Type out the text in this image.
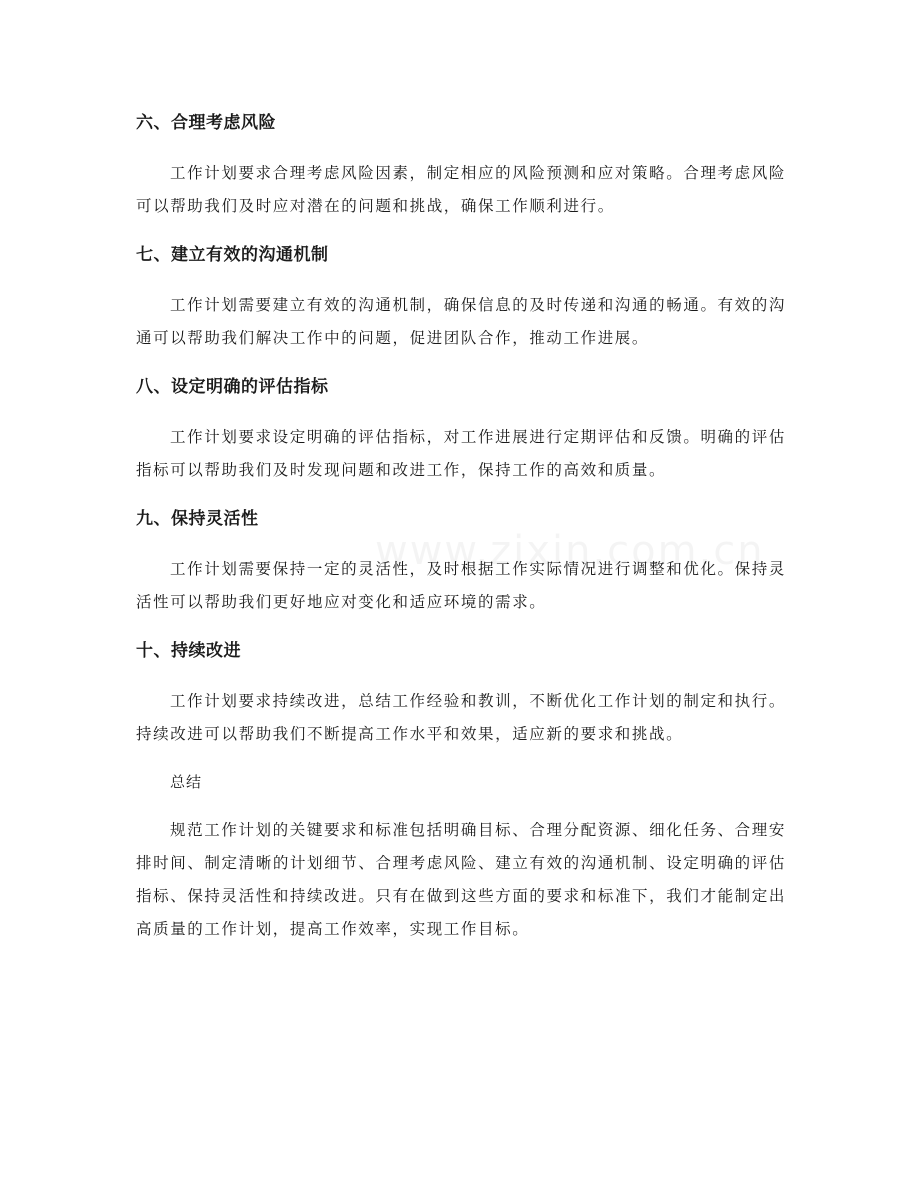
六、合理考虑风险

工作计划要求合理考虑风险因素，制定相应的风险预测和应对策略。合理考虑风险可以帮助我们及时应对潜在的问题和挑战，确保工作顺利进行。

七、建立有效的沟通机制

工作计划需要建立有效的沟通机制，确保信息的及时传递和沟通的畅通。有效的沟通可以帮助我们解决工作中的问题，促进团队合作，推动工作进展。

八、设定明确的评估指标

工作计划要求设定明确的评估指标，对工作进展进行定期评估和反馈。明确的评估指标可以帮助我们及时发现问题和改进工作，保持工作的高效和质量。

九、保持灵活性

工作计划需要保持一定的灵活性，及时根据工作实际情况进行调整和优化。保持灵活性可以帮助我们更好地应对变化和适应环境的需求。

十、持续改进

工作计划要求持续改进，总结工作经验和教训，不断优化工作计划的制定和执行。持续改进可以帮助我们不断提高工作水平和效果，适应新的要求和挑战。

总结

规范工作计划的关键要求和标准包括明确目标、合理分配资源、细化任务、合理安排时间、制定清晰的计划细节、合理考虑风险、建立有效的沟通机制、设定明确的评估指标、保持灵活性和持续改进。只有在做到这些方面的要求和标准下，我们才能制定出高质量的工作计划，提高工作效率，实现工作目标。
